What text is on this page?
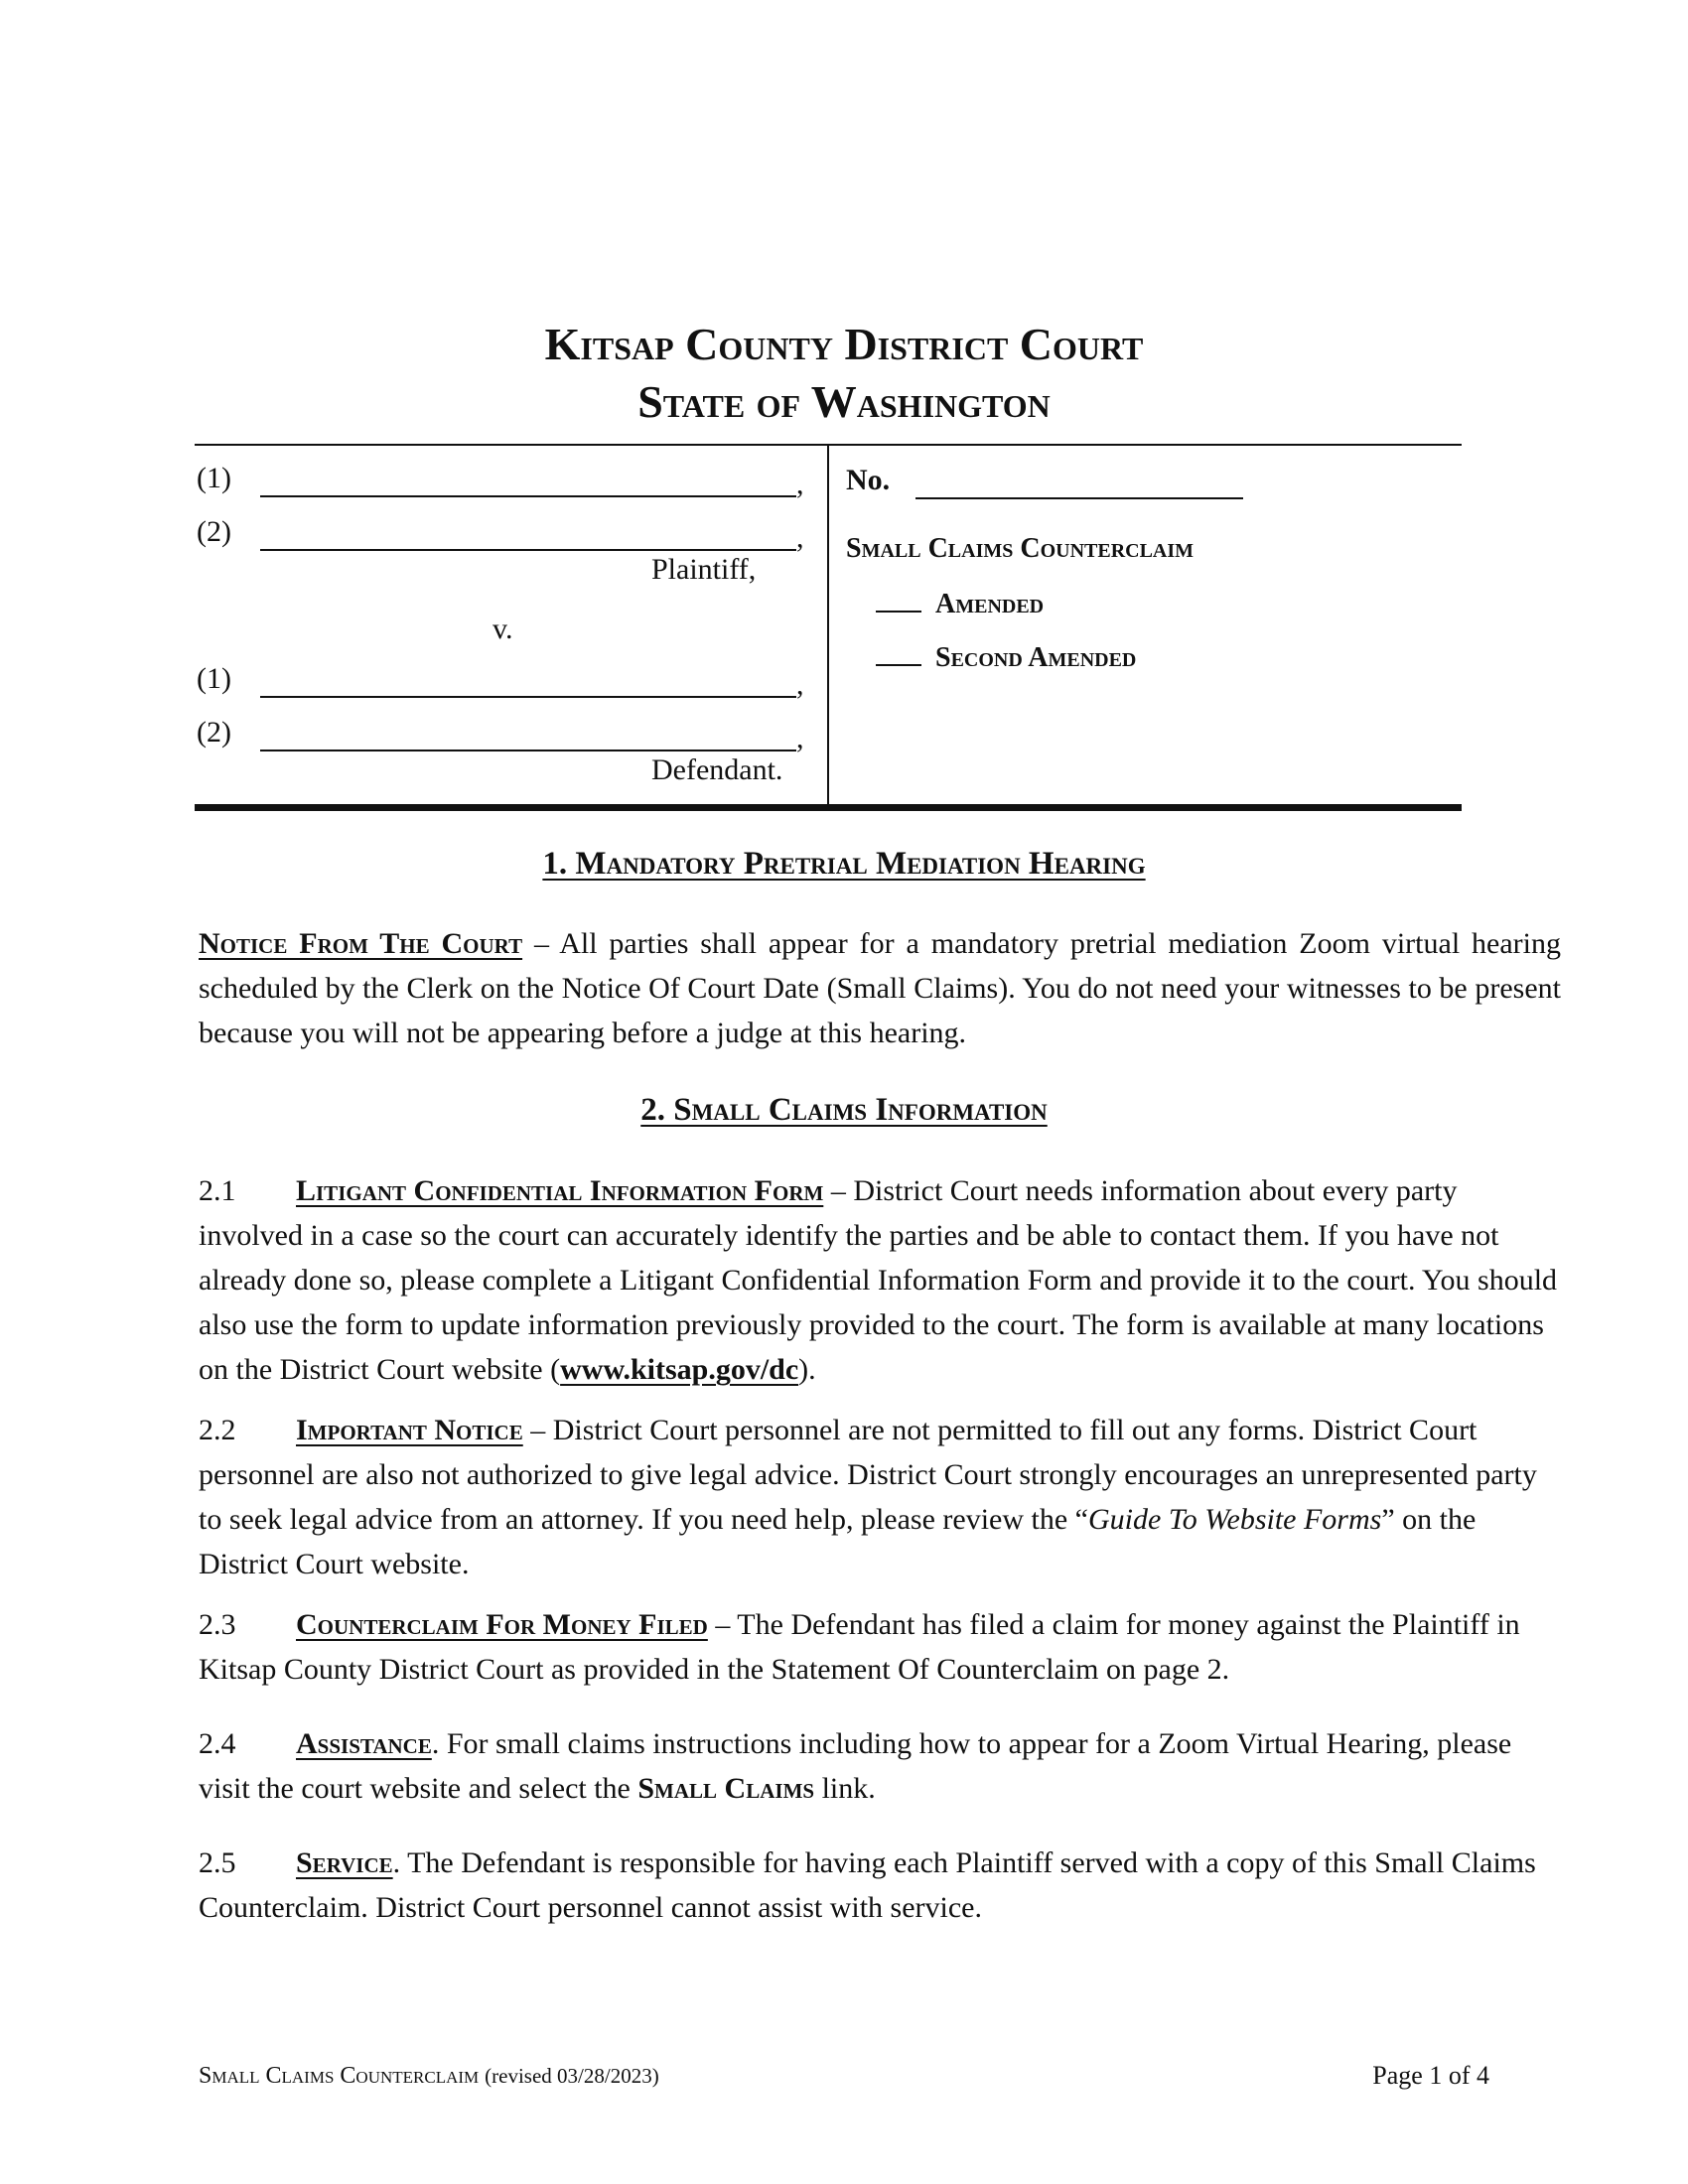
Kitsap County District Court
State of Washington
(1)	,
(2)	,
Plaintiff,
v.
(1)	,
(2)	,
Defendant.
No.
Small Claims Counterclaim
Amended
Second Amended
1. Mandatory Pretrial Mediation Hearing
Notice From The Court – All parties shall appear for a mandatory pretrial mediation Zoom virtual hearing scheduled by the Clerk on the Notice Of Court Date (Small Claims). You do not need your witnesses to be present because you will not be appearing before a judge at this hearing.
2. Small Claims Information
2.1 Litigant Confidential Information Form – District Court needs information about every party involved in a case so the court can accurately identify the parties and be able to contact them. If you have not already done so, please complete a Litigant Confidential Information Form and provide it to the court. You should also use the form to update information previously provided to the court. The form is available at many locations on the District Court website (www.kitsap.gov/dc).
2.2 Important Notice – District Court personnel are not permitted to fill out any forms. District Court personnel are also not authorized to give legal advice. District Court strongly encourages an unrepresented party to seek legal advice from an attorney. If you need help, please review the “Guide To Website Forms” on the District Court website.
2.3 Counterclaim For Money Filed – The Defendant has filed a claim for money against the Plaintiff in Kitsap County District Court as provided in the Statement Of Counterclaim on page 2.
2.4 Assistance. For small claims instructions including how to appear for a Zoom Virtual Hearing, please visit the court website and select the Small Claims link.
2.5 Service. The Defendant is responsible for having each Plaintiff served with a copy of this Small Claims Counterclaim. District Court personnel cannot assist with service.
Small Claims Counterclaim (revised 03/28/2023)	Page 1 of 4
